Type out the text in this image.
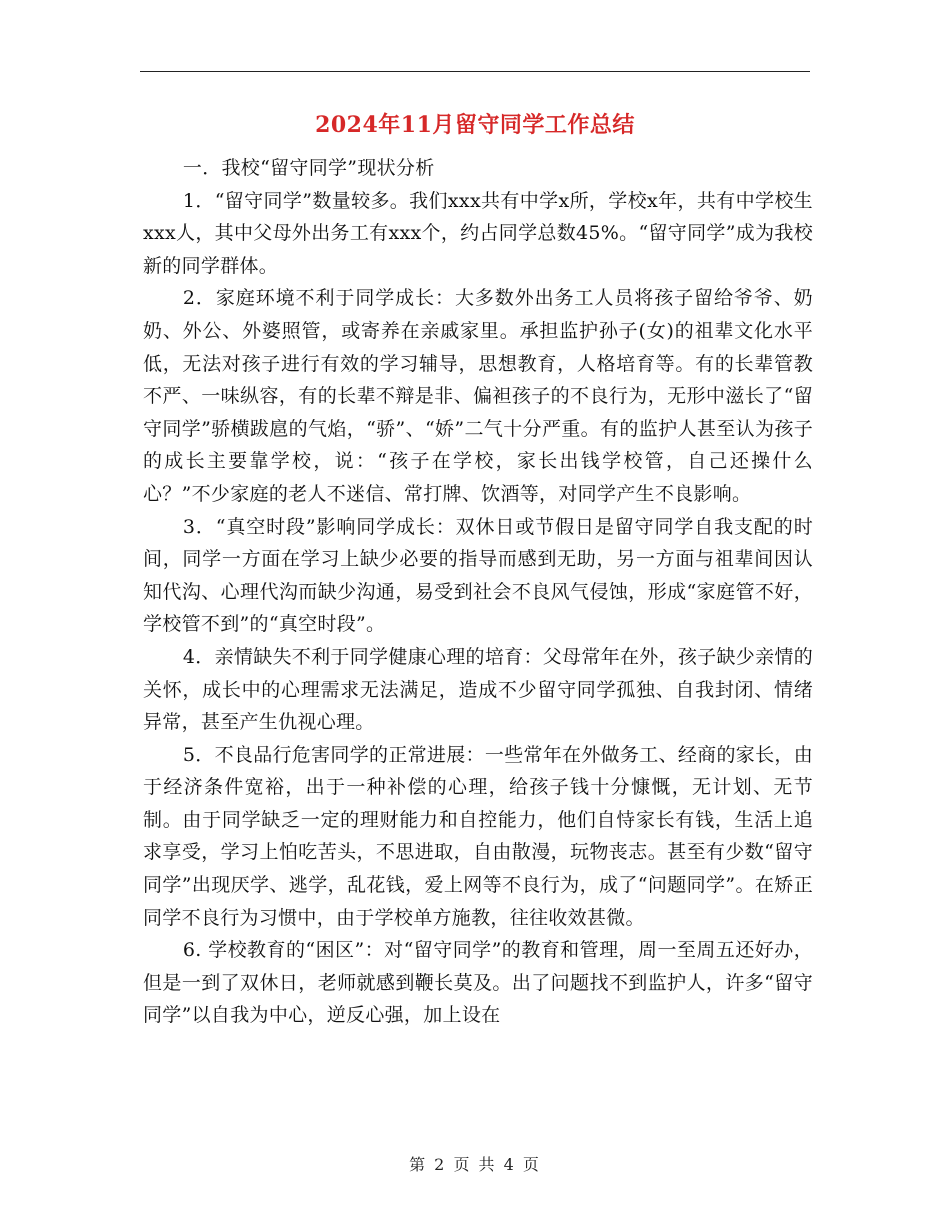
2024年11月留守同学工作总结

一．我校“留守同学”现状分析

1．“留守同学”数量较多。我们xxx共有中学x所，学校x年，共有中学校生xxx人，其中父母外出务工有xxx个，约占同学总数45%。“留守同学”成为我校新的同学群体。

2．家庭环境不利于同学成长：大多数外出务工人员将孩子留给爷爷、奶奶、外公、外婆照管，或寄养在亲戚家里。承担监护孙子(女)的祖辈文化水平低，无法对孩子进行有效的学习辅导，思想教育，人格培育等。有的长辈管教不严、一味纵容，有的长辈不辩是非、偏袒孩子的不良行为，无形中滋长了“留守同学”骄横跋扈的气焰，“骄”、“娇”二气十分严重。有的监护人甚至认为孩子的成长主要靠学校，说：“孩子在学校，家长出钱学校管，自己还操什么心？”不少家庭的老人不迷信、常打牌、饮酒等，对同学产生不良影响。

3．“真空时段”影响同学成长：双休日或节假日是留守同学自我支配的时间，同学一方面在学习上缺少必要的指导而感到无助，另一方面与祖辈间因认知代沟、心理代沟而缺少沟通，易受到社会不良风气侵蚀，形成“家庭管不好，学校管不到”的“真空时段”。

4．亲情缺失不利于同学健康心理的培育：父母常年在外，孩子缺少亲情的关怀，成长中的心理需求无法满足，造成不少留守同学孤独、自我封闭、情绪异常，甚至产生仇视心理。

5．不良品行危害同学的正常进展：一些常年在外做务工、经商的家长，由于经济条件宽裕，出于一种补偿的心理，给孩子钱十分慷慨，无计划、无节制。由于同学缺乏一定的理财能力和自控能力，他们自恃家长有钱，生活上追求享受，学习上怕吃苦头，不思进取，自由散漫，玩物丧志。甚至有少数“留守同学”出现厌学、逃学，乱花钱，爱上网等不良行为，成了“问题同学”。在矫正同学不良行为习惯中，由于学校单方施教，往往收效甚微。

6. 学校教育的“困区”：对“留守同学”的教育和管理，周一至周五还好办，但是一到了双休日，老师就感到鞭长莫及。出了问题找不到监护人，许多“留守同学”以自我为中心，逆反心强，加上设在

第 2 页 共 4 页
